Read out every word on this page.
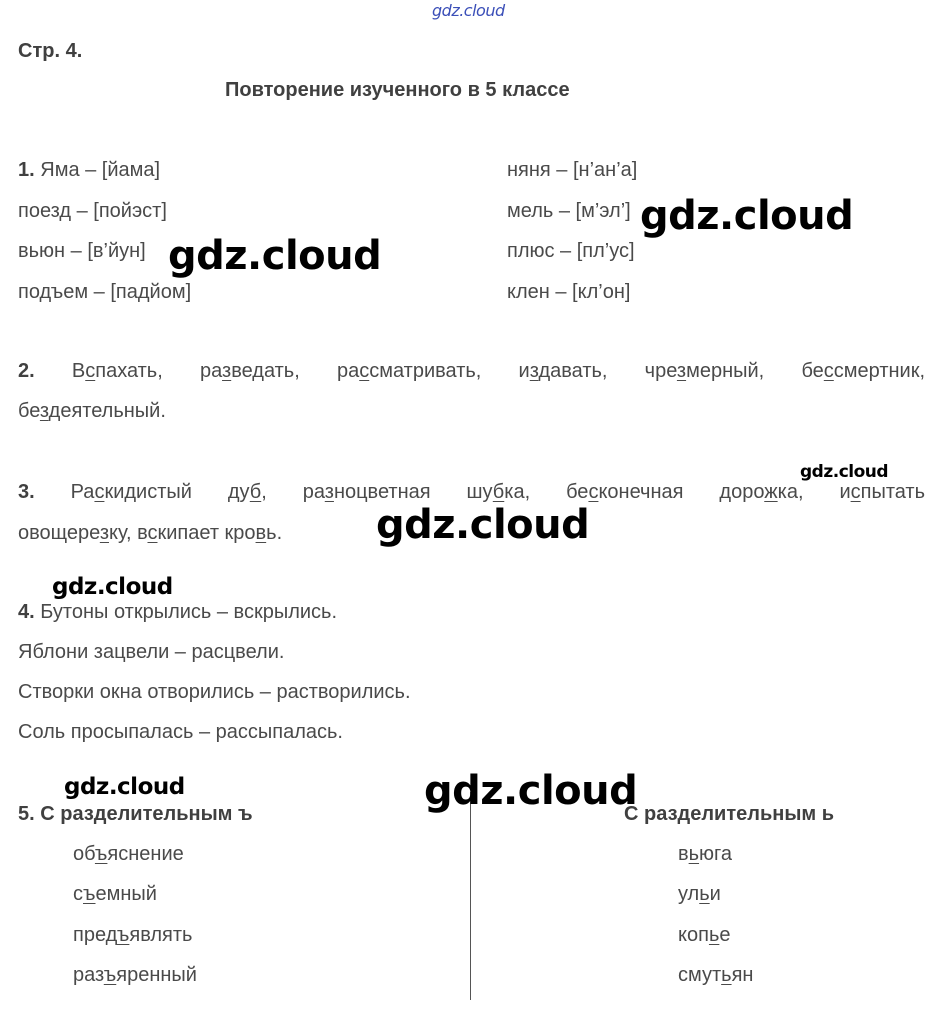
gdz.cloud
Стр. 4.
Повторение изученного в 5 классе
1. Яма – [йама]
поезд – [пойэст]
вьюн – [в’йун]
подъем – [падйом]
няня – [н’ан’а]
мель – [м’эл’]
плюс – [пл’ус]
клен – [кл’он]
2. Вспахать, разведать, рассматривать, издавать, чрезмерный, бессмертник,
бездеятельный.
3. Раскидистый дуб, разноцветная шубка, бесконечная дорожка, испытать
овощерезку, вскипает кровь.
4. Бутоны открылись – вскрылись.
Яблони зацвели – расцвели.
Створки окна отворились – растворились.
Соль просыпалась – рассыпалась.
5. С разделительным ъ	С разделительным ь
объяснение
съемный
предъявлять
разъяренный
вьюга
ульи
копье
смутьян
gdz.cloud
gdz.cloud
gdz.cloud
gdz.cloud
gdz.cloud
gdz.cloud	gdz.cloud
